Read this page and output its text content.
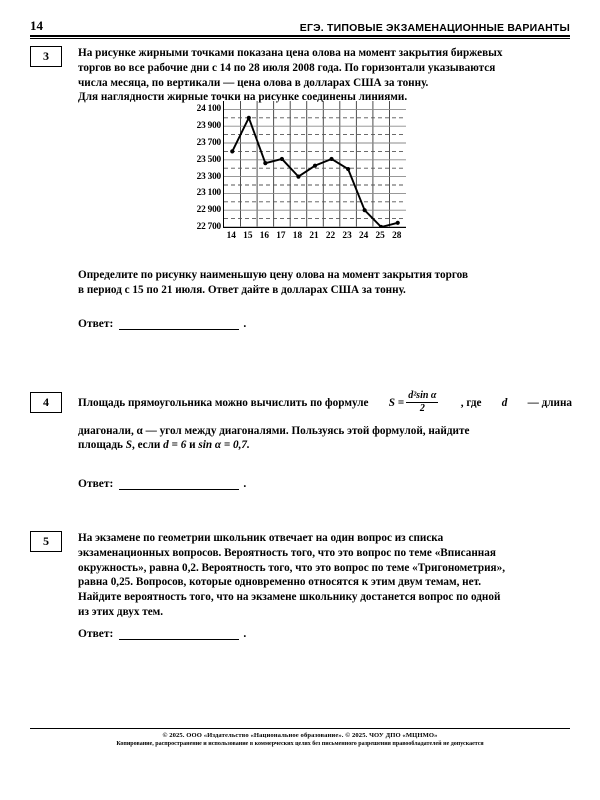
14	ЕГЭ. ТИПОВЫЕ ЭКЗАМЕНАЦИОННЫЕ ВАРИАНТЫ
3	На рисунке жирными точками показана цена олова на момент закрытия биржевых
торгов во все рабочие дни с 14 по 28 июля 2008 года. По горизонтали указываются
числа месяца, по вертикали — цена олова в долларах США за тонну.
Для наглядности жирные точки на рисунке соединены линиями.
24 100
23 900
23 700
23 500
23 300
23 100
22 900
22 700
14 15 16 17 18 21 22 23 24 25 28
Определите по рисунку наименьшую цену олова на момент закрытия торгов
в период с 15 по 21 июля. Ответ дайте в долларах США за тонну.
Ответ:	.
4	Площадь прямоугольника можно вычислить по формуле $S = \frac{\text{d²sin α}}{2}$ , где d — длина
диагонали, α — угол между диагоналями. Пользуясь этой формулой, найдите
площадь S, если d = 6 и sin α = 0,7.
Ответ:	.
5	На экзамене по геометрии школьник отвечает на один вопрос из списка
экзаменационных вопросов. Вероятность того, что это вопрос по теме «Вписанная
окружность», равна 0,2. Вероятность того, что это вопрос по теме «Тригонометрия»,
равна 0,25. Вопросов, которые одновременно относятся к этим двум темам, нет.
Найдите вероятность того, что на экзамене школьнику достанется вопрос по одной
из этих двух тем.
Ответ:	.
© 2025. ООО «Издательство «Национальное образование». © 2025. ЧОУ ДПО «МЦНМО»
Копирование, распространение и использование в коммерческих целях без письменного разрешения правообладателей не допускается
